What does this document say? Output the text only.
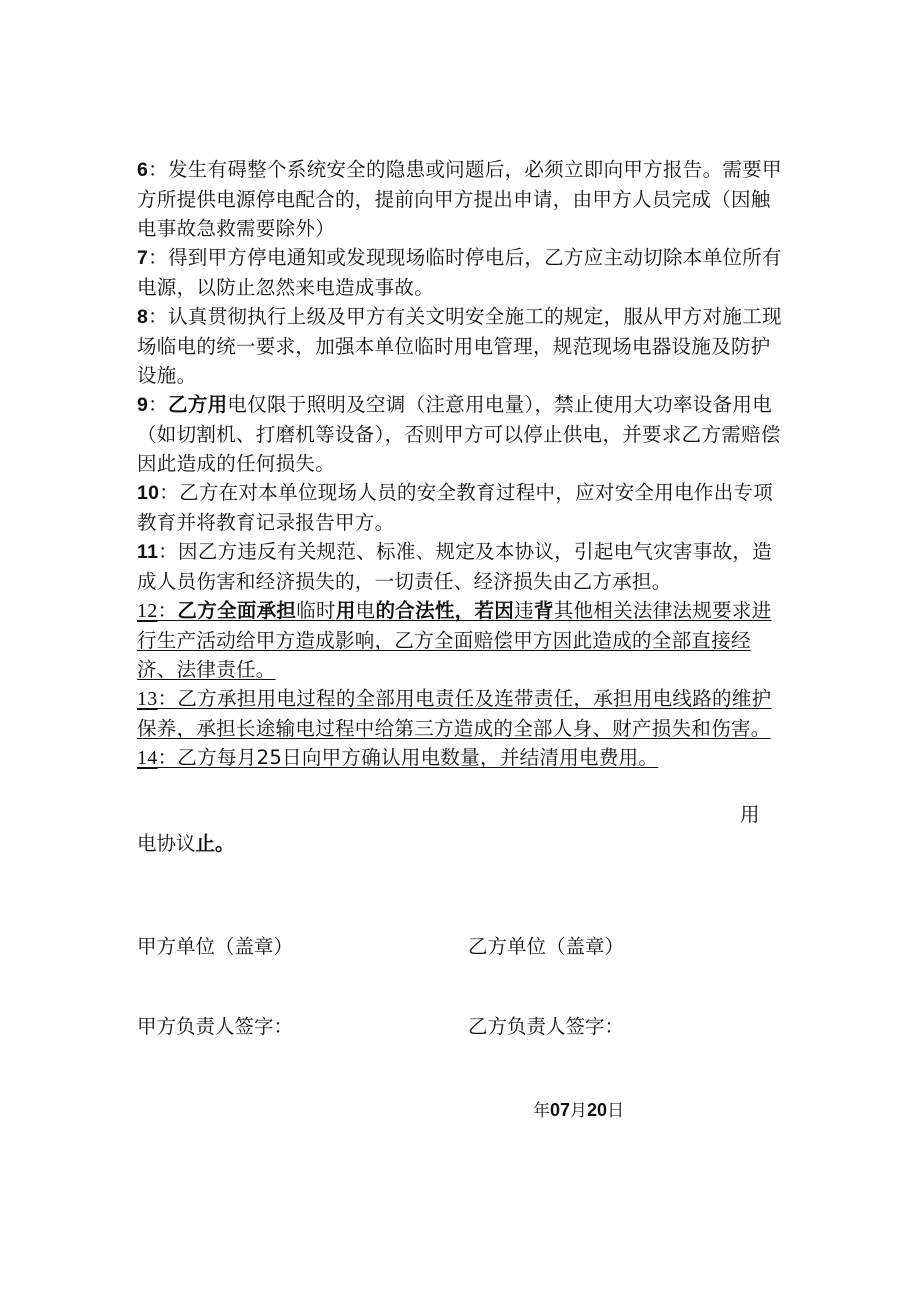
6：发生有碍整个系统安全的隐患或问题后，必须立即向甲方报告。需要甲方所提供电源停电配合的，提前向甲方提出申请，由甲方人员完成（因触电事故急救需要除外）

7：得到甲方停电通知或发现现场临时停电后，乙方应主动切除本单位所有电源，以防止忽然来电造成事故。

8：认真贯彻执行上级及甲方有关文明安全施工的规定，服从甲方对施工现场临电的统一要求，加强本单位临时用电管理，规范现场电器设施及防护设施。

9：乙方用电仅限于照明及空调（注意用电量），禁止使用大功率设备用电（如切割机、打磨机等设备），否则甲方可以停止供电，并要求乙方需赔偿因此造成的任何损失。

10：乙方在对本单位现场人员的安全教育过程中，应对安全用电作出专项教育并将教育记录报告甲方。

11：因乙方违反有关规范、标准、规定及本协议，引起电气灾害事故，造成人员伤害和经济损失的，一切责任、经济损失由乙方承担。

12：乙方全面承担临时用电的合法性，若因违背其他相关法律法规要求进行生产活动给甲方造成影响，乙方全面赔偿甲方因此造成的全部直接经济、法律责任。

13：乙方承担用电过程的全部用电责任及连带责任，承担用电线路的维护保养，承担长途输电过程中给第三方造成的全部人身、财产损失和伤害。

14：乙方每月25日向甲方确认用电数量，并结清用电费用。

用
电协议止。
甲方单位（盖章）	乙方单位（盖章）
甲方负责人签字：	乙方负责人签字：
年07月20日
